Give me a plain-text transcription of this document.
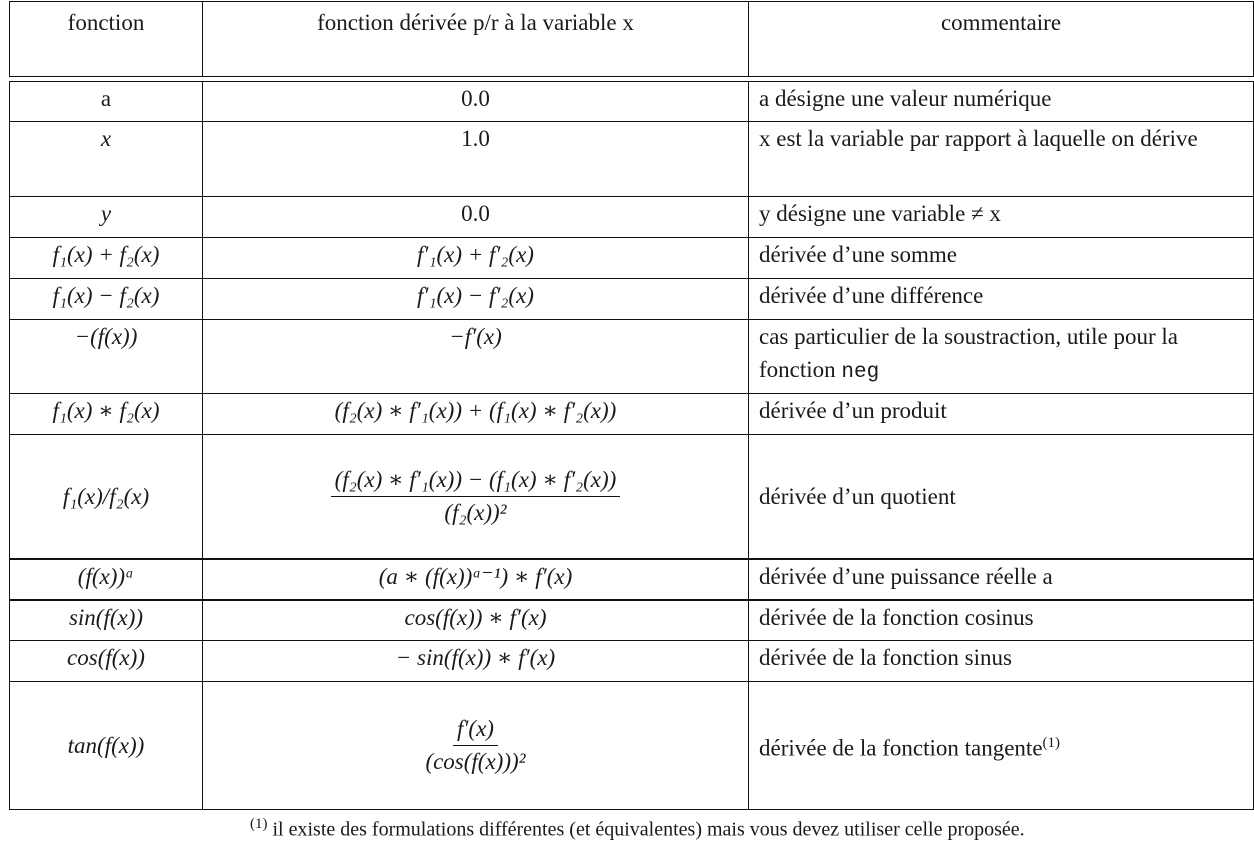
fonction	fonction dérivée p/r à la variable x	commentaire
a	0.0	a désigne une valeur numérique
x	1.0	x est la variable par rapport à laquelle on dérive
y	0.0	y désigne une variable ≠ x
f₁(x) + f₂(x)	f′₁(x) + f′₂(x)	dérivée d’une somme
f₁(x) − f₂(x)	f′₁(x) − f′₂(x)	dérivée d’une différence
−(f(x))	−f′(x)	cas particulier de la soustraction, utile pour la fonction neg
f₁(x) ∗ f₂(x)	(f₂(x) ∗ f′₁(x)) + (f₁(x) ∗ f′₂(x))	dérivée d’un produit
f₁(x)/f₂(x)	$\frac{\text{(f₂(x) ∗ f′₁(x)) − (f₁(x) ∗ f′₂(x))}}{\text{(f₂(x))²}}$	dérivée d’un quotient
(f(x))ᵃ	(a ∗ (f(x))ᵃ⁻¹) ∗ f′(x)	dérivée d’une puissance réelle a
sin(f(x))	cos(f(x)) ∗ f′(x)	dérivée de la fonction cosinus
cos(f(x))	− sin(f(x)) ∗ f′(x)	dérivée de la fonction sinus
tan(f(x))	$\frac{f'(x)}{\text{(cos(f(x)))²}}$	dérivée de la fonction tangente$^{(1)}$
$^{(1)}$ il existe des formulations différentes (et équivalentes) mais vous devez utiliser celle proposée.
